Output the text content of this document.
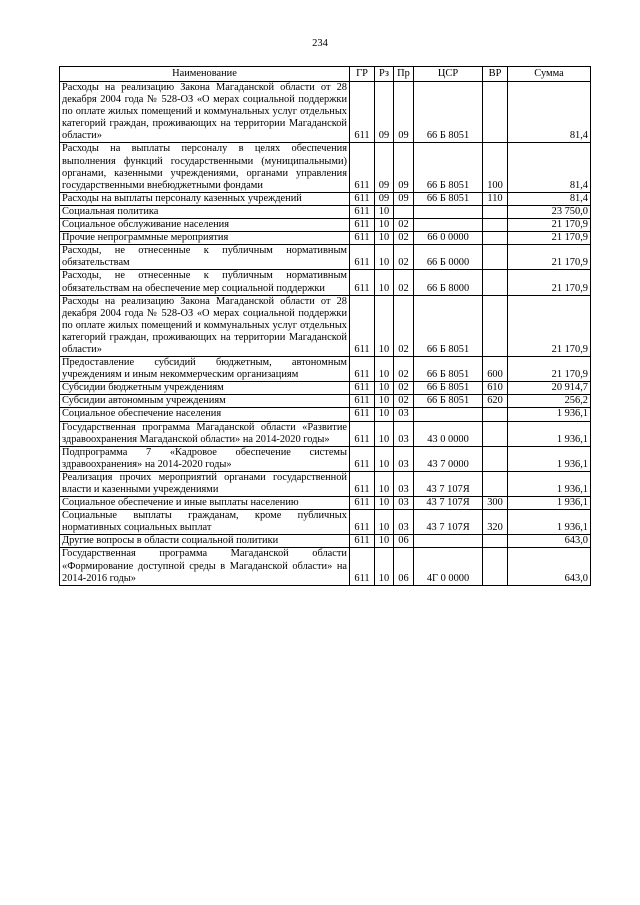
234
Наименование	ГР	Рз	Пр	ЦСР	ВР	Сумма
Расходы на реализацию Закона Магаданской области от 28 декабря 2004 года № 528-ОЗ «О мерах социальной поддержки по оплате жилых помещений и коммунальных услуг отдельных категорий граждан, проживающих на территории Магаданской области»	611	09	09	66 Б 8051		81,4
Расходы на выплаты персоналу в целях обеспечения выполнения функций государственными (муниципальными) органами, казенными учреждениями, органами управления государственными внебюджетными фондами	611	09	09	66 Б 8051	100	81,4
Расходы на выплаты персоналу казенных учреждений	611	09	09	66 Б 8051	110	81,4
Социальная политика	611	10				23 750,0
Социальное обслуживание населения	611	10	02			21 170,9
Прочие непрограммные мероприятия	611	10	02	66 0 0000		21 170,9
Расходы, не отнесенные к публичным нормативным обязательствам	611	10	02	66 Б 0000		21 170,9
Расходы, не отнесенные к публичным нормативным обязательствам на обеспечение мер социальной поддержки	611	10	02	66 Б 8000		21 170,9
Расходы на реализацию Закона Магаданской области от 28 декабря 2004 года № 528-ОЗ «О мерах социальной поддержки по оплате жилых помещений и коммунальных услуг отдельных категорий граждан, проживающих на территории Магаданской области»	611	10	02	66 Б 8051		21 170,9
Предоставление субсидий бюджетным, автономным учреждениям и иным некоммерческим организациям	611	10	02	66 Б 8051	600	21 170,9
Субсидии бюджетным учреждениям	611	10	02	66 Б 8051	610	20 914,7
Субсидии автономным учреждениям	611	10	02	66 Б 8051	620	256,2
Социальное обеспечение населения	611	10	03			1 936,1
Государственная программа Магаданской области «Развитие здравоохранения Магаданской области» на 2014-2020 годы»	611	10	03	43 0 0000		1 936,1
Подпрограмма 7 «Кадровое обеспечение системы здравоохранения» на 2014-2020 годы»	611	10	03	43 7 0000		1 936,1
Реализация прочих мероприятий органами государственной власти и казенными учреждениями	611	10	03	43 7 107Я		1 936,1
Социальное обеспечение и иные выплаты населению	611	10	03	43 7 107Я	300	1 936,1
Социальные выплаты гражданам, кроме публичных нормативных социальных выплат	611	10	03	43 7 107Я	320	1 936,1
Другие вопросы в области социальной политики	611	10	06			643,0
Государственная программа Магаданской области «Формирование доступной среды в Магаданской области» на 2014-2016 годы»	611	10	06	4Г 0 0000		643,0
